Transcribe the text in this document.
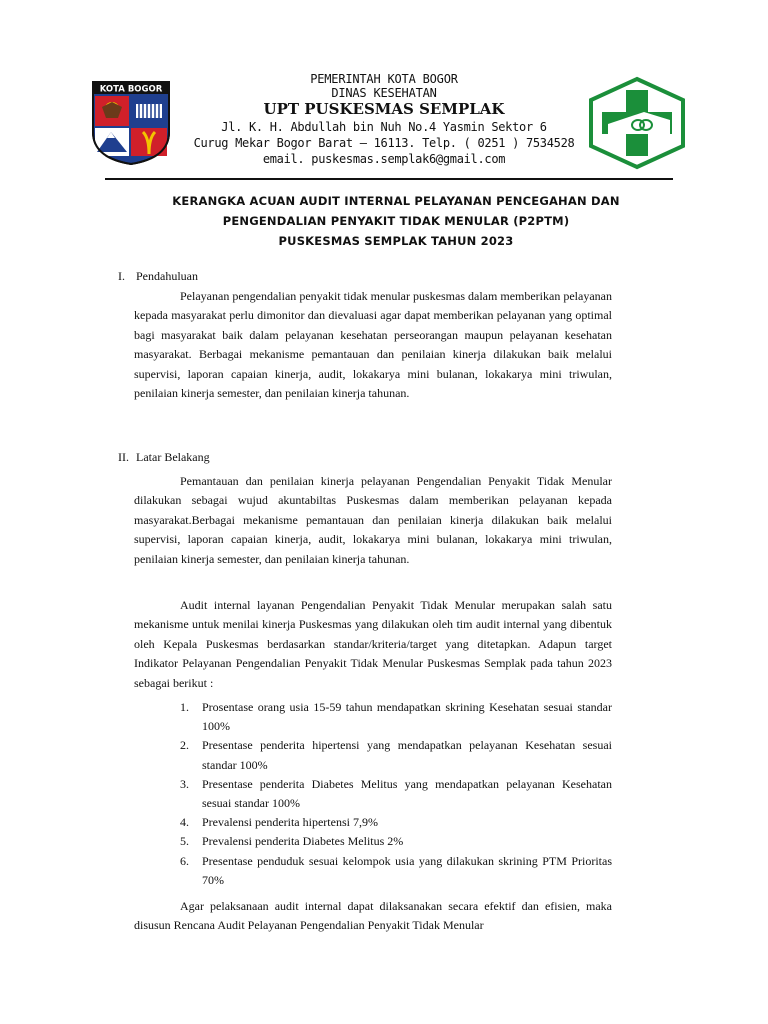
KOTA BOGOR
PEMERINTAH KOTA BOGOR
DINAS KESEHATAN
UPT PUSKESMAS SEMPLAK
Jl. K. H. Abdullah bin Nuh No.4 Yasmin Sektor 6
Curug Mekar Bogor Barat – 16113. Telp. ( 0251 ) 7534528
email. puskesmas.semplak6@gmail.com
KERANGKA ACUAN AUDIT INTERNAL PELAYANAN PENCEGAHAN DAN
PENGENDALIAN PENYAKIT TIDAK MENULAR (P2PTM)
PUSKESMAS SEMPLAK TAHUN 2023
I. Pendahuluan
Pelayanan pengendalian penyakit tidak menular puskesmas dalam memberikan pelayanan kepada masyarakat perlu dimonitor dan dievaluasi agar dapat memberikan pelayanan yang optimal bagi masyarakat baik dalam pelayanan kesehatan perseorangan maupun pelayanan kesehatan masyarakat. Berbagai mekanisme pemantauan dan penilaian kinerja dilakukan baik melalui supervisi, laporan capaian kinerja, audit, lokakarya mini bulanan, lokakarya mini triwulan, penilaian kinerja semester, dan penilaian kinerja tahunan.
II. Latar Belakang
Pemantauan dan penilaian kinerja pelayanan Pengendalian Penyakit Tidak Menular dilakukan sebagai wujud akuntabiltas Puskesmas dalam memberikan pelayanan kepada masyarakat.Berbagai mekanisme pemantauan dan penilaian kinerja dilakukan baik melalui supervisi, laporan capaian kinerja, audit, lokakarya mini bulanan, lokakarya mini triwulan, penilaian kinerja semester, dan penilaian kinerja tahunan.
Audit internal layanan Pengendalian Penyakit Tidak Menular merupakan salah satu mekanisme untuk menilai kinerja Puskesmas yang dilakukan oleh tim audit internal yang dibentuk oleh Kepala Puskesmas berdasarkan standar/kriteria/target yang ditetapkan. Adapun target Indikator Pelayanan Pengendalian Penyakit Tidak Menular Puskesmas Semplak pada tahun 2023 sebagai berikut :
1. Prosentase orang usia 15-59 tahun mendapatkan skrining Kesehatan sesuai standar 100%
2. Presentase penderita hipertensi yang mendapatkan pelayanan Kesehatan sesuai standar 100%
3. Presentase penderita Diabetes Melitus yang mendapatkan pelayanan Kesehatan sesuai standar 100%
4. Prevalensi penderita hipertensi 7,9%
5. Prevalensi penderita Diabetes Melitus 2%
6. Presentase penduduk sesuai kelompok usia yang dilakukan skrining PTM Prioritas 70%
Agar pelaksanaan audit internal dapat dilaksanakan secara efektif dan efisien, maka disusun Rencana Audit Pelayanan Pengendalian Penyakit Tidak Menular
